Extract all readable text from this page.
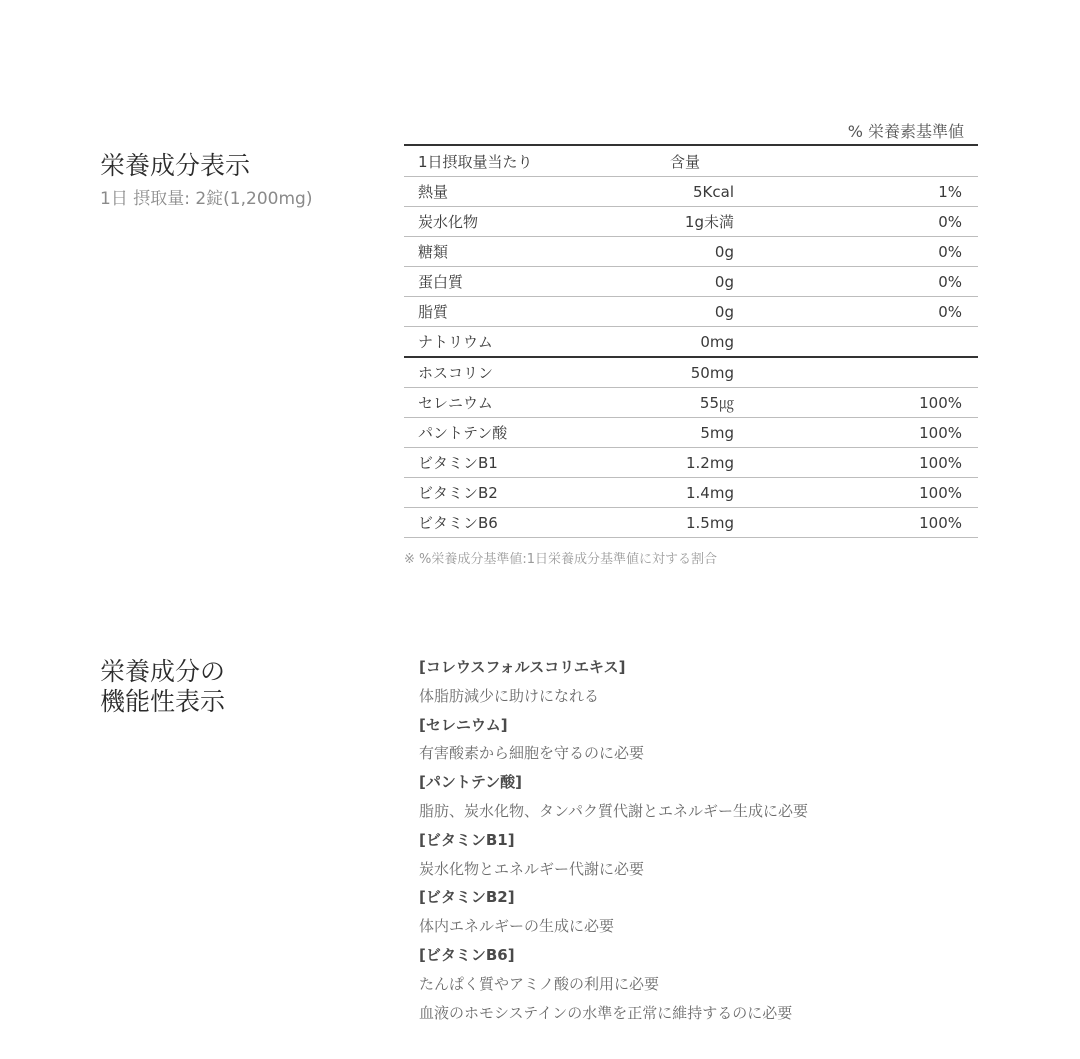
栄養成分表示
1日 摂取量: 2錠(1,200mg)
% 栄養素基準値
1日摂取量当たり	含量	
熱量	5Kcal	1%
炭水化物	1g未満	0%
糖類	0g	0%
蛋白質	0g	0%
脂質	0g	0%
ナトリウム	0mg	
ホスコリン	50mg	
セレニウム	55㎍	100%
パントテン酸	5mg	100%
ビタミンB1	1.2mg	100%
ビタミンB2	1.4mg	100%
ビタミンB6	1.5mg	100%
※ %栄養成分基準値:1日栄養成分基準値に対する割合
栄養成分の
機能性表示
[コレウスフォルスコリエキス]
体脂肪減少に助けになれる
[セレニウム]
有害酸素から細胞を守るのに必要
[パントテン酸]
脂肪、炭水化物、タンパク質代謝とエネルギー生成に必要
[ビタミンB1]
炭水化物とエネルギー代謝に必要
[ビタミンB2]
体内エネルギーの生成に必要
[ビタミンB6]
たんぱく質やアミノ酸の利用に必要
血液のホモシステインの水準を正常に維持するのに必要
